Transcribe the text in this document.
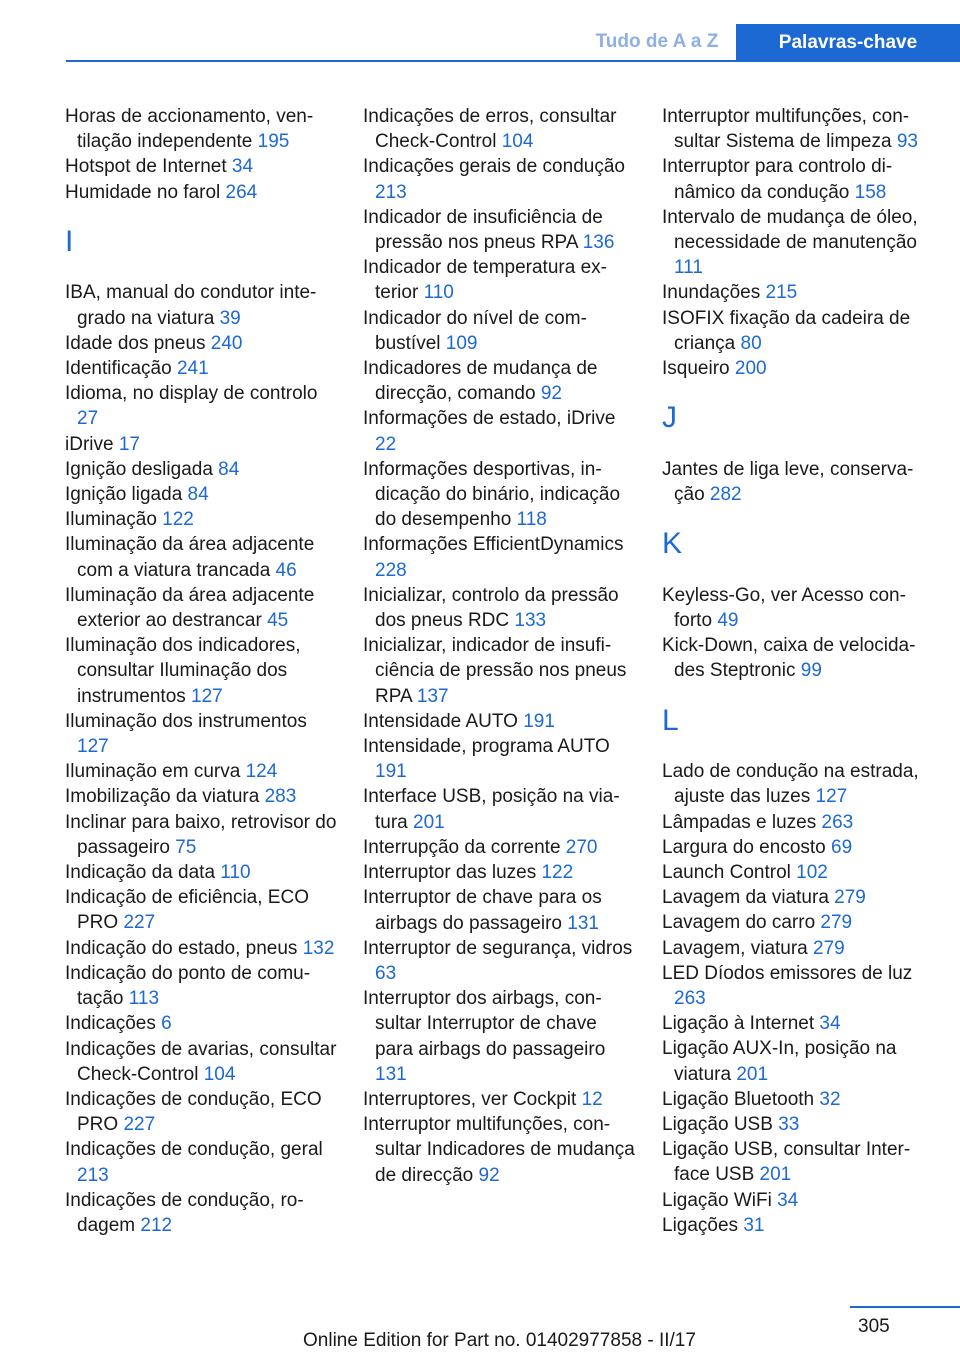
Tudo de A a Z	Palavras-chave
Horas de accionamento, ventilação independente 195
Hotspot de Internet 34
Humidade no farol 264
I
IBA, manual do condutor integrado na viatura 39
Idade dos pneus 240
Identificação 241
Idioma, no display de controlo 27
iDrive 17
Ignição desligada 84
Ignição ligada 84
Iluminação 122
Iluminação da área adjacente com a viatura trancada 46
Iluminação da área adjacente exterior ao destrancar 45
Iluminação dos indicadores, consultar Iluminação dos instrumentos 127
Iluminação dos instrumentos 127
Iluminação em curva 124
Imobilização da viatura 283
Inclinar para baixo, retrovisor do passageiro 75
Indicação da data 110
Indicação de eficiência, ECO PRO 227
Indicação do estado, pneus 132
Indicação do ponto de comutação 113
Indicações 6
Indicações de avarias, consultar Check-Control 104
Indicações de condução, ECO PRO 227
Indicações de condução, geral 213
Indicações de condução, rodagem 212
Indicações de erros, consultar Check-Control 104
Indicações gerais de condução 213
Indicador de insuficiência de pressão nos pneus RPA 136
Indicador de temperatura exterior 110
Indicador do nível de combustível 109
Indicadores de mudança de direcção, comando 92
Informações de estado, iDrive 22
Informações desportivas, indicação do binário, indicação do desempenho 118
Informações EfficientDynamics 228
Inicializar, controlo da pressão dos pneus RDC 133
Inicializar, indicador de insuficiência de pressão nos pneus RPA 137
Intensidade AUTO 191
Intensidade, programa AUTO 191
Interface USB, posição na viatura 201
Interrupção da corrente 270
Interruptor das luzes 122
Interruptor de chave para os airbags do passageiro 131
Interruptor de segurança, vidros 63
Interruptor dos airbags, consultar Interruptor de chave para airbags do passageiro 131
Interruptores, ver Cockpit 12
Interruptor multifunções, consultar Indicadores de mudança de direcção 92
Interruptor multifunções, consultar Sistema de limpeza 93
Interruptor para controlo dinâmico da condução 158
Intervalo de mudança de óleo, necessidade de manutenção 111
Inundações 215
ISOFIX fixação da cadeira de criança 80
Isqueiro 200
J
Jantes de liga leve, conservação 282
K
Keyless-Go, ver Acesso conforto 49
Kick-Down, caixa de velocidades Steptronic 99
L
Lado de condução na estrada, ajuste das luzes 127
Lâmpadas e luzes 263
Largura do encosto 69
Launch Control 102
Lavagem da viatura 279
Lavagem do carro 279
Lavagem, viatura 279
LED Díodos emissores de luz 263
Ligação à Internet 34
Ligação AUX-In, posição na viatura 201
Ligação Bluetooth 32
Ligação USB 33
Ligação USB, consultar Interface USB 201
Ligação WiFi 34
Ligações 31
305
Online Edition for Part no. 01402977858 - II/17
